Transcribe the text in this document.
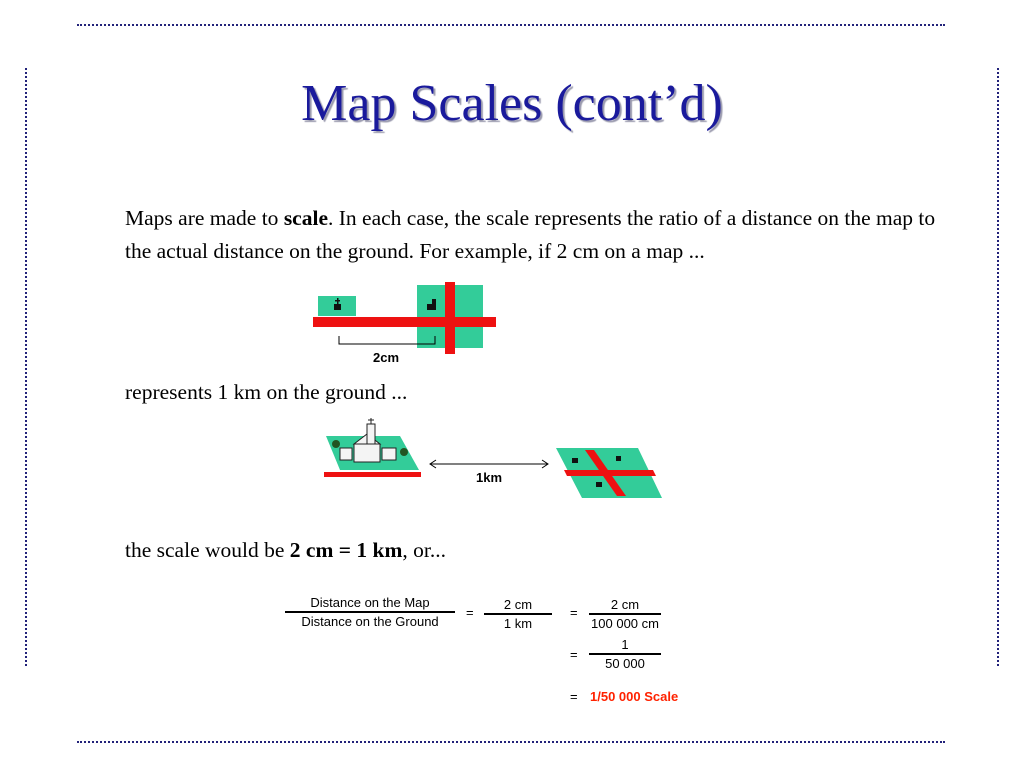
Map Scales (cont’d)

Maps are made to scale. In each case, the scale represents the ratio of a distance on the map to the actual distance on the ground. For example, if 2 cm on a map ...

2cm

represents 1 km on the ground ...

1km

the scale would be 2 cm = 1 km, or...

Distance on the Map
Distance on the Ground
= $\frac{2 cm}{1 km} = \frac{2 cm}{100 000 cm}$
= $\frac{1}{50 000}$
= 1/50 000 Scale
